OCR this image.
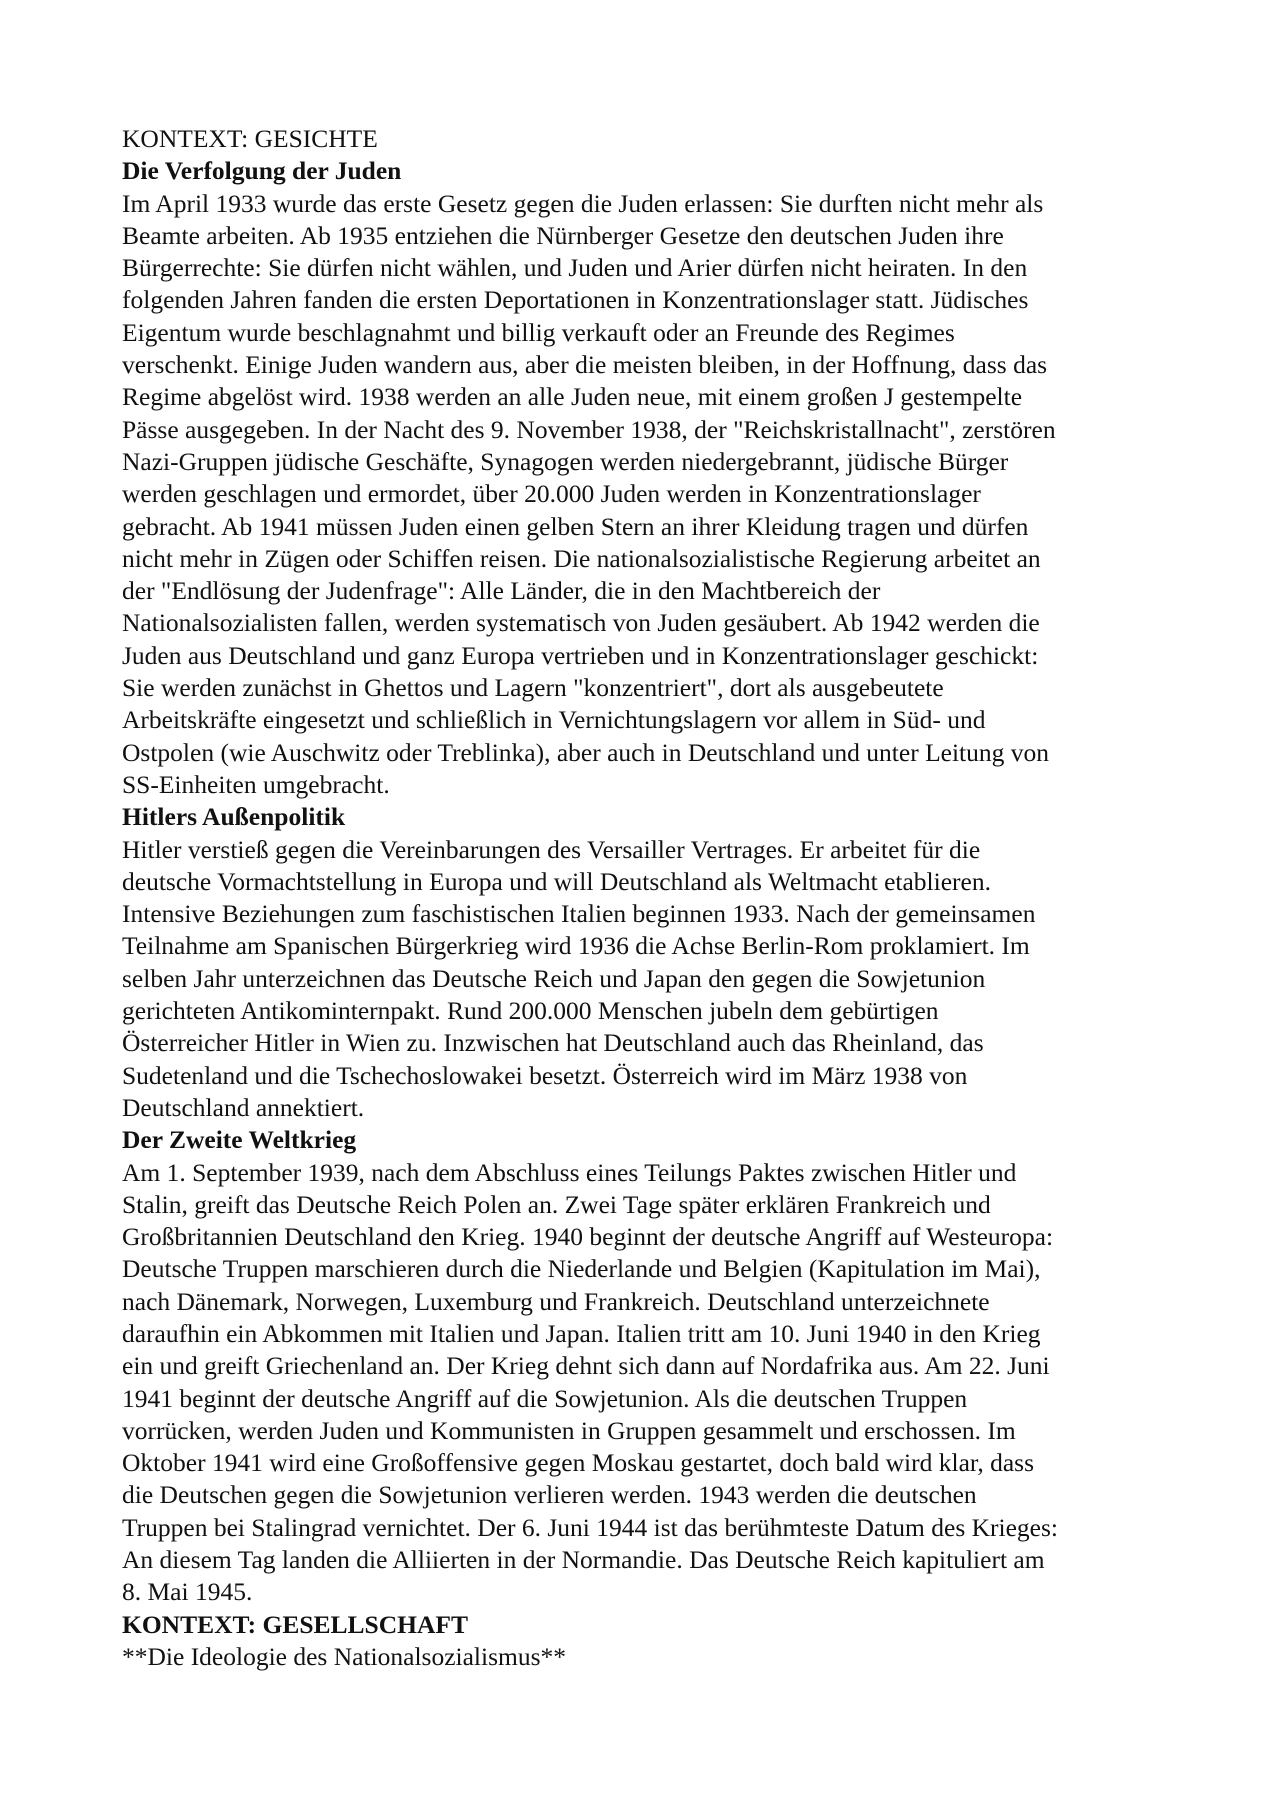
KONTEXT: GESICHTE
Die Verfolgung der Juden
Im April 1933 wurde das erste Gesetz gegen die Juden erlassen: Sie durften nicht mehr als
Beamte arbeiten. Ab 1935 entziehen die Nürnberger Gesetze den deutschen Juden ihre
Bürgerrechte: Sie dürfen nicht wählen, und Juden und Arier dürfen nicht heiraten. In den
folgenden Jahren fanden die ersten Deportationen in Konzentrationslager statt. Jüdisches
Eigentum wurde beschlagnahmt und billig verkauft oder an Freunde des Regimes
verschenkt. Einige Juden wandern aus, aber die meisten bleiben, in der Hoffnung, dass das
Regime abgelöst wird. 1938 werden an alle Juden neue, mit einem großen J gestempelte
Pässe ausgegeben. In der Nacht des 9. November 1938, der "Reichskristallnacht", zerstören
Nazi-Gruppen jüdische Geschäfte, Synagogen werden niedergebrannt, jüdische Bürger
werden geschlagen und ermordet, über 20.000 Juden werden in Konzentrationslager
gebracht. Ab 1941 müssen Juden einen gelben Stern an ihrer Kleidung tragen und dürfen
nicht mehr in Zügen oder Schiffen reisen. Die nationalsozialistische Regierung arbeitet an
der "Endlösung der Judenfrage": Alle Länder, die in den Machtbereich der
Nationalsozialisten fallen, werden systematisch von Juden gesäubert. Ab 1942 werden die
Juden aus Deutschland und ganz Europa vertrieben und in Konzentrationslager geschickt:
Sie werden zunächst in Ghettos und Lagern "konzentriert", dort als ausgebeutete
Arbeitskräfte eingesetzt und schließlich in Vernichtungslagern vor allem in Süd- und
Ostpolen (wie Auschwitz oder Treblinka), aber auch in Deutschland und unter Leitung von
SS-Einheiten umgebracht.
Hitlers Außenpolitik
Hitler verstieß gegen die Vereinbarungen des Versailler Vertrages. Er arbeitet für die
deutsche Vormachtstellung in Europa und will Deutschland als Weltmacht etablieren.
Intensive Beziehungen zum faschistischen Italien beginnen 1933. Nach der gemeinsamen
Teilnahme am Spanischen Bürgerkrieg wird 1936 die Achse Berlin-Rom proklamiert. Im
selben Jahr unterzeichnen das Deutsche Reich und Japan den gegen die Sowjetunion
gerichteten Antikominternpakt. Rund 200.000 Menschen jubeln dem gebürtigen
Österreicher Hitler in Wien zu. Inzwischen hat Deutschland auch das Rheinland, das
Sudetenland und die Tschechoslowakei besetzt. Österreich wird im März 1938 von
Deutschland annektiert.
Der Zweite Weltkrieg
Am 1. September 1939, nach dem Abschluss eines Teilungs Paktes zwischen Hitler und
Stalin, greift das Deutsche Reich Polen an. Zwei Tage später erklären Frankreich und
Großbritannien Deutschland den Krieg. 1940 beginnt der deutsche Angriff auf Westeuropa:
Deutsche Truppen marschieren durch die Niederlande und Belgien (Kapitulation im Mai),
nach Dänemark, Norwegen, Luxemburg und Frankreich. Deutschland unterzeichnete
daraufhin ein Abkommen mit Italien und Japan. Italien tritt am 10. Juni 1940 in den Krieg
ein und greift Griechenland an. Der Krieg dehnt sich dann auf Nordafrika aus. Am 22. Juni
1941 beginnt der deutsche Angriff auf die Sowjetunion. Als die deutschen Truppen
vorrücken, werden Juden und Kommunisten in Gruppen gesammelt und erschossen. Im
Oktober 1941 wird eine Großoffensive gegen Moskau gestartet, doch bald wird klar, dass
die Deutschen gegen die Sowjetunion verlieren werden. 1943 werden die deutschen
Truppen bei Stalingrad vernichtet. Der 6. Juni 1944 ist das berühmteste Datum des Krieges:
An diesem Tag landen die Alliierten in der Normandie. Das Deutsche Reich kapituliert am
8. Mai 1945.
KONTEXT: GESELLSCHAFT
**Die Ideologie des Nationalsozialismus**
